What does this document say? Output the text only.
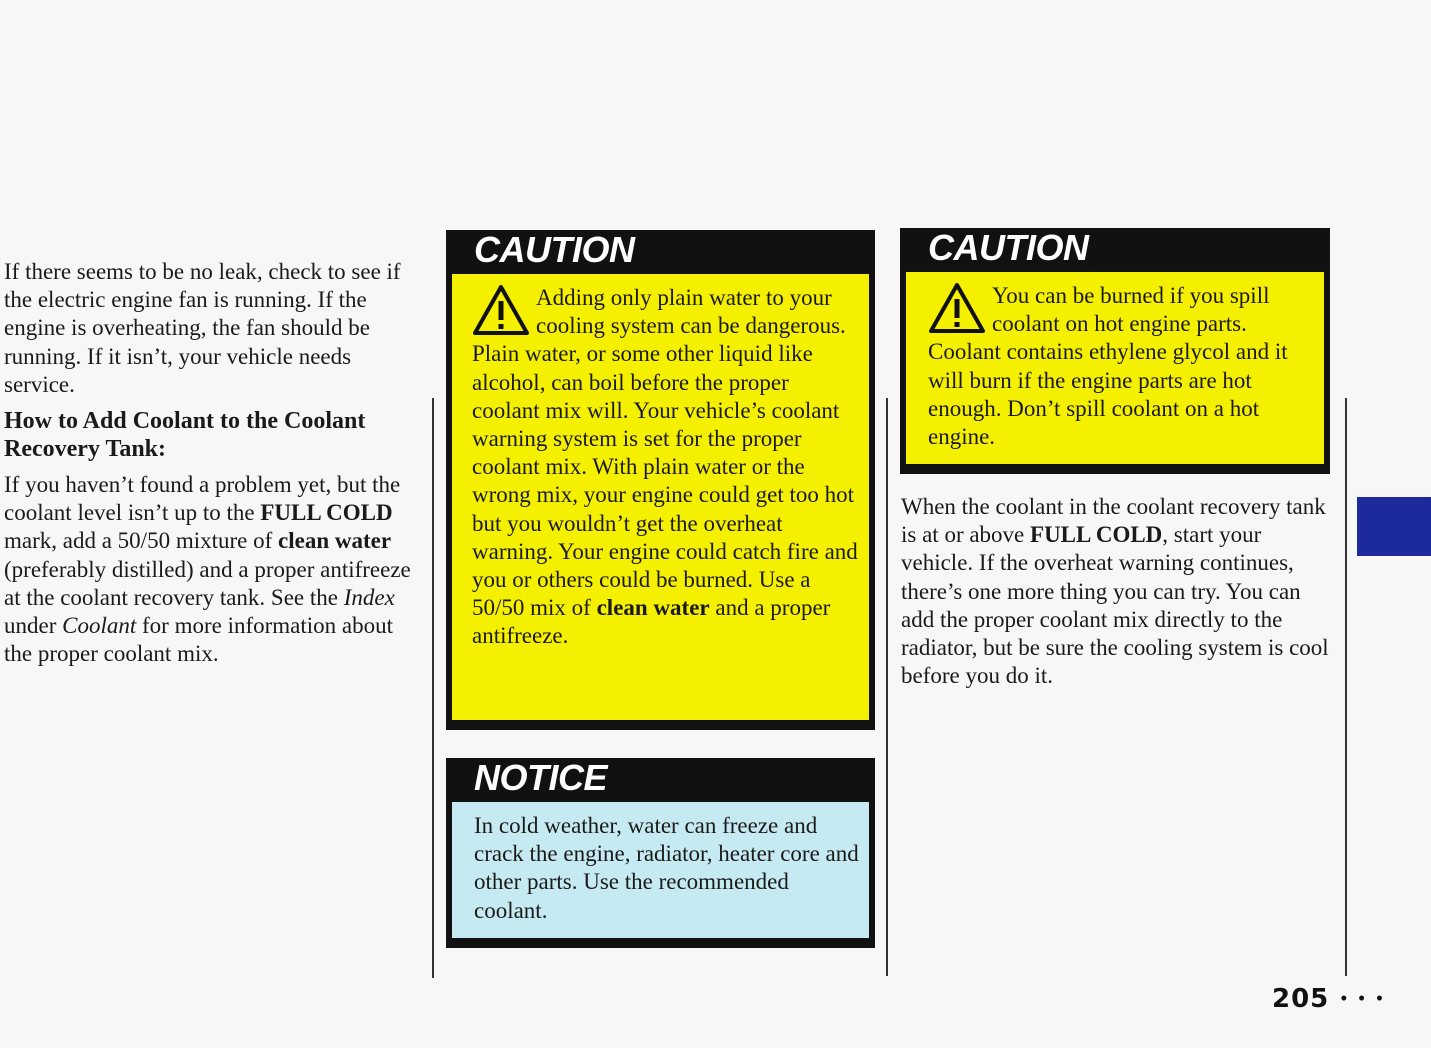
If there seems to be no leak, check to see if the electric engine fan is running. If the engine is overheating, the fan should be running. If it isn’t, your vehicle needs service.

How to Add Coolant to the Coolant Recovery Tank:

If you haven’t found a problem yet, but the coolant level isn’t up to the FULL COLD mark, add a 50/50 mixture of clean water (preferably distilled) and a proper antifreeze at the coolant recovery tank. See the Index under Coolant for more information about the proper coolant mix.

CAUTION
Adding only plain water to your cooling system can be dangerous. Plain water, or some other liquid like alcohol, can boil before the proper coolant mix will. Your vehicle’s coolant warning system is set for the proper coolant mix. With plain water or the wrong mix, your engine could get too hot but you wouldn’t get the overheat warning. Your engine could catch fire and you or others could be burned. Use a 50/50 mix of clean water and a proper antifreeze.
NOTICE
In cold weather, water can freeze and crack the engine, radiator, heater core and other parts. Use the recommended coolant.
CAUTION
You can be burned if you spill coolant on hot engine parts. Coolant contains ethylene glycol and it will burn if the engine parts are hot enough. Don’t spill coolant on a hot engine.

When the coolant in the coolant recovery tank is at or above FULL COLD, start your vehicle. If the overheat warning continues, there’s one more thing you can try. You can add the proper coolant mix directly to the radiator, but be sure the cooling system is cool before you do it.

205 • • •
